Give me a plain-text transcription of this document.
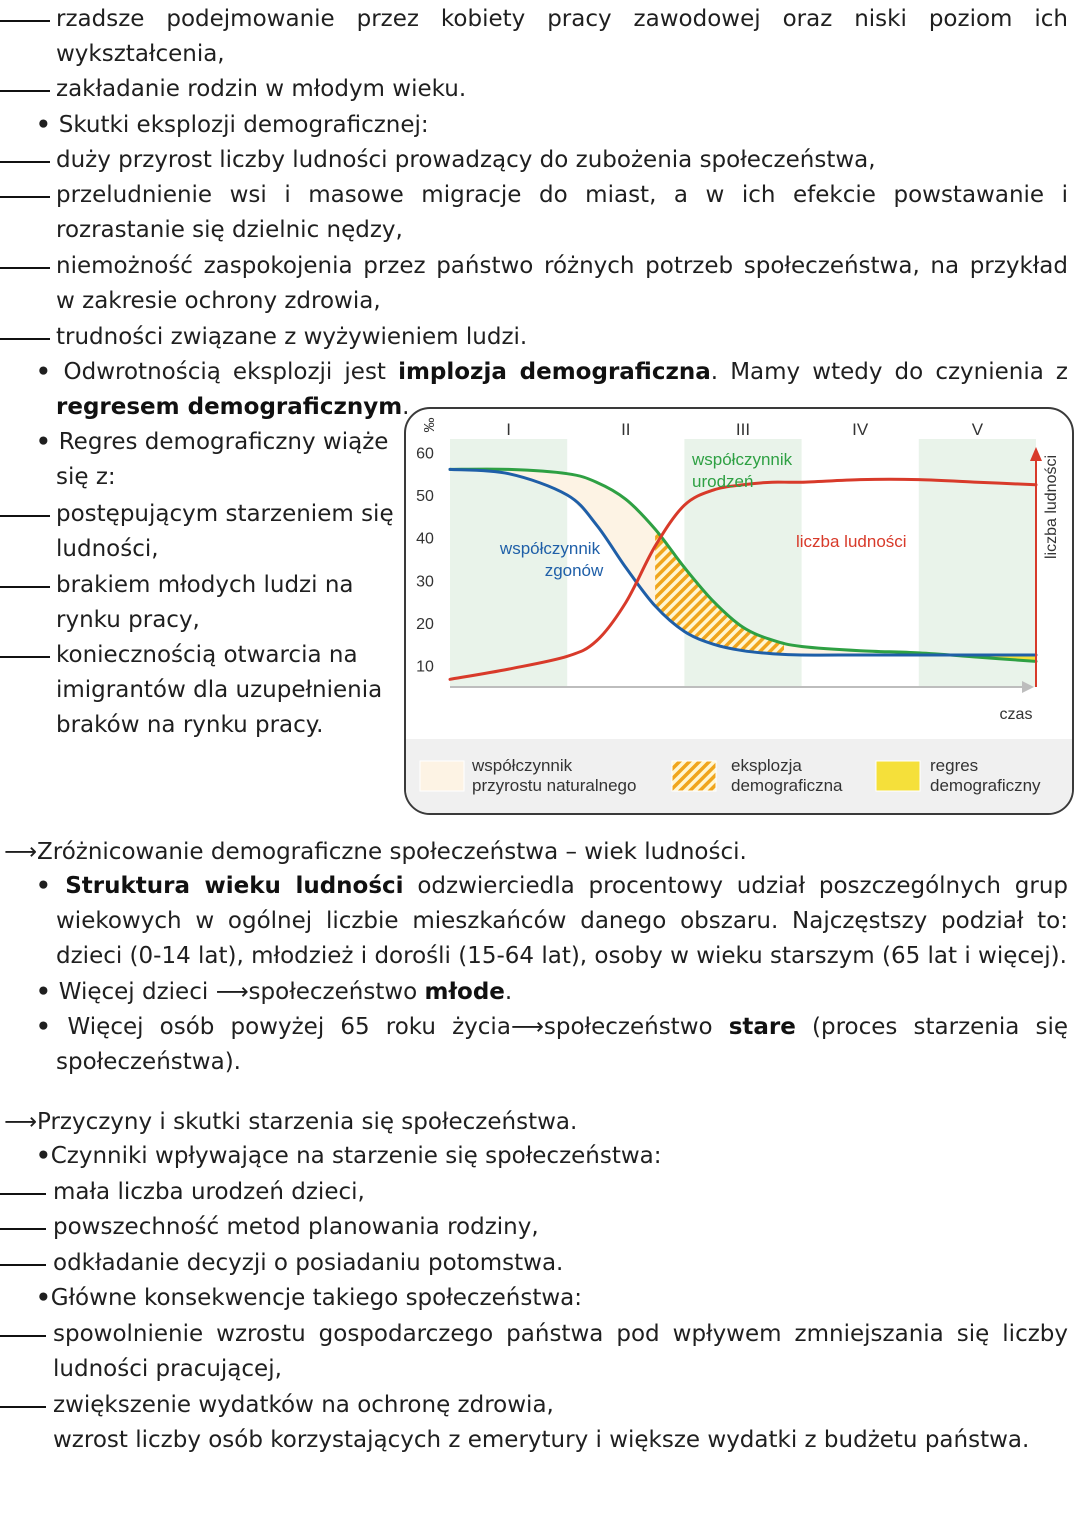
rzadsze podejmowanie przez kobiety pracy zawodowej oraz niski poziom ich
wykształcenia,
zakładanie rodzin w młodym wieku.
• Skutki eksplozji demograficznej:
duży przyrost liczby ludności prowadzący do zubożenia społeczeństwa,
przeludnienie wsi i masowe migracje do miast, a w ich efekcie powstawanie i
rozrastanie się dzielnic nędzy,
niemożność zaspokojenia przez państwo różnych potrzeb społeczeństwa, na przykład
w zakresie ochrony zdrowia,
trudności związane z wyżywieniem ludzi.
• Odwrotnością eksplozji jest implozja demograficzna. Mamy wtedy do czynienia z
regresem demograficznym.
• Regres demograficzny wiąże
się z:
postępującym starzeniem się
ludności,
brakiem młodych ludzi na
rynku pracy,
koniecznością otwarcia na
imigrantów dla uzupełnienia
braków na rynku pracy.
I	II	III	IV	V
‰
10
20
30
40
50
60
czas
liczba ludności
współczynnik
urodzeń
współczynnik
zgonów
liczba ludności
współczynnik
przyrostu naturalnego
eksplozja
demograficzna
regres
demograficzny
⟶Zróżnicowanie demograficzne społeczeństwa – wiek ludności.
• Struktura wieku ludności odzwierciedla procentowy udział poszczególnych grup
wiekowych w ogólnej liczbie mieszkańców danego obszaru. Najczęstszy podział to:
dzieci (0-14 lat), młodzież i dorośli (15-64 lat), osoby w wieku starszym (65 lat i więcej).
• Więcej dzieci ⟶społeczeństwo młode.
• Więcej osób powyżej 65 roku życia⟶społeczeństwo stare (proces starzenia się
społeczeństwa).
⟶Przyczyny i skutki starzenia się społeczeństwa.
•Czynniki wpływające na starzenie się społeczeństwa:
mała liczba urodzeń dzieci,
powszechność metod planowania rodziny,
odkładanie decyzji o posiadaniu potomstwa.
•Główne konsekwencje takiego społeczeństwa:
spowolnienie wzrostu gospodarczego państwa pod wpływem zmniejszania się liczby
ludności pracującej,
zwiększenie wydatków na ochronę zdrowia,
wzrost liczby osób korzystających z emerytury i większe wydatki z budżetu państwa.
